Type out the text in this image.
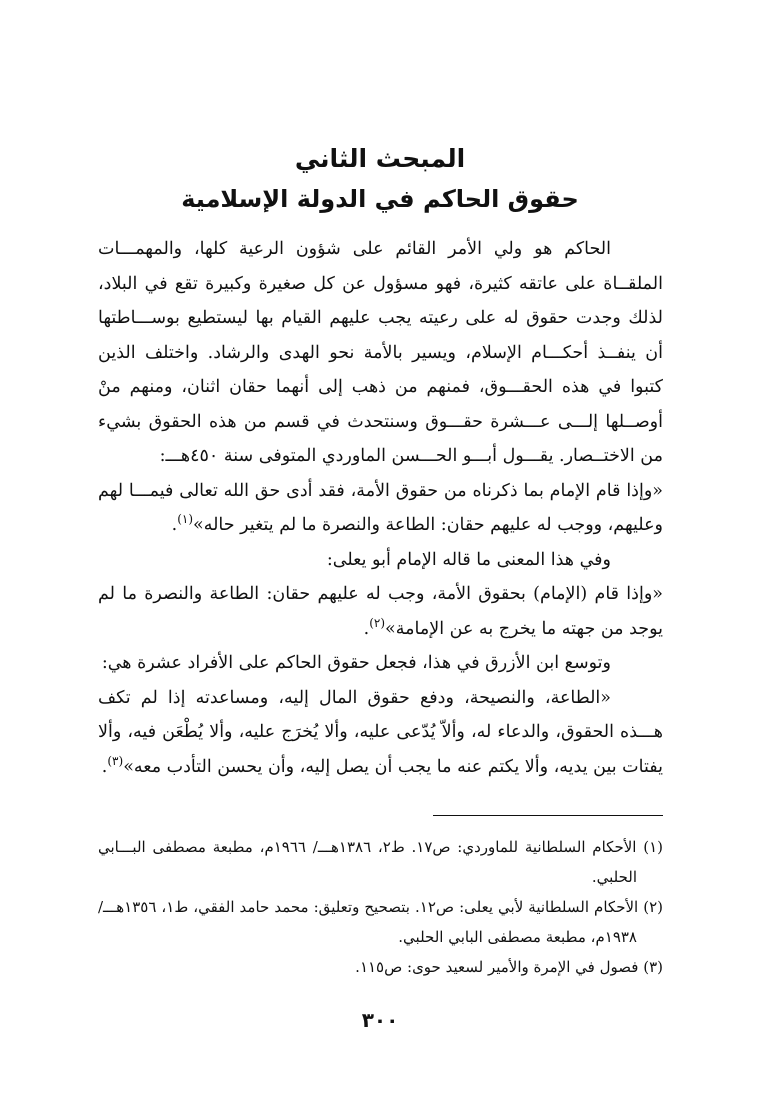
المبحث الثاني
حقوق الحاكم في الدولة الإسلامية

الحاكم هو ولي الأمر القائم على شؤون الرعية كلها، والمهمـــات الملقــاة على عاتقه كثيرة، فهو مسؤول عن كل صغيرة وكبيرة تقع في البلاد، لذلك وجدت حقوق له على رعيته يجب عليهم القيام بها ليستطيع بوســـاطتها أن ينفــذ أحكـــام الإسلام، ويسير بالأمة نحو الهدى والرشاد. واختلف الذين كتبوا في هذه الحقـــوق، فمنهم من ذهب إلى أنهما حقان اثنان، ومنهم منْ أوصــلها إلـــى عـــشرة حقـــوق وسنتحدث في قسم من هذه الحقوق بشيء من الاختــصار. يقـــول أبـــو الحـــسن الماوردي المتوفى سنة ٤٥٠هـــ:

«وإذا قام الإمام بما ذكرناه من حقوق الأمة، فقد أدى حق الله تعالى فيمـــا لهم وعليهم، ووجب له عليهم حقان: الطاعة والنصرة ما لم يتغير حاله»$^{(١)}$.

وفي هذا المعنى ما قاله الإمام أبو يعلى:

«وإذا قام (الإمام) بحقوق الأمة، وجب له عليهم حقان: الطاعة والنصرة ما لم يوجد من جهته ما يخرج به عن الإمامة»$^{(٢)}$.

وتوسع ابن الأزرق في هذا، فجعل حقوق الحاكم على الأفراد عشرة هي:

«الطاعة، والنصيحة، ودفع حقوق المال إليه، ومساعدته إذا لم تكف هـــذه الحقوق، والدعاء له، وألاّ يُدّعى عليه، وألا يُخرَج عليه، وألا يُطْعَن فيه، وألا يفتات بين يديه، وألا يكتم عنه ما يجب أن يصل إليه، وأن يحسن التأدب معه»$^{(٣)}$.

(١) الأحكام السلطانية للماوردي: ص١٧. ط٢، ١٣٨٦هـــ/ ١٩٦٦م، مطبعة مصطفى البـــابي الحلبي.

(٢) الأحكام السلطانية لأبي يعلى: ص١٢. بتصحيح وتعليق: محمد حامد الفقي، ط١، ١٣٥٦هـــ/ ١٩٣٨م، مطبعة مصطفى البابي الحلبي.

(٣) فصول في الإمرة والأمير لسعيد حوى: ص١١٥.

٣٠٠
